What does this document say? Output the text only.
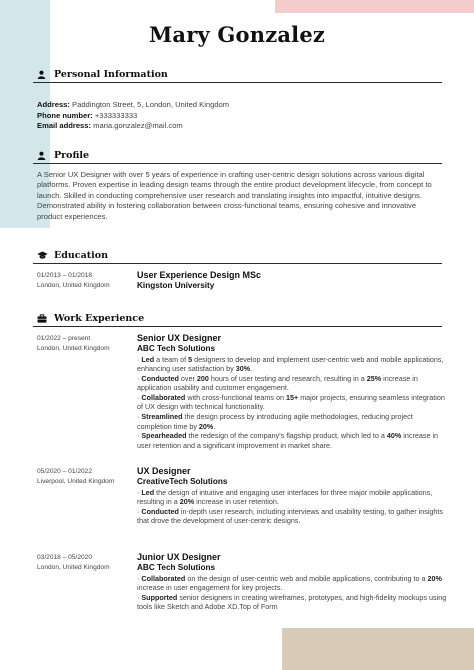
Mary Gonzalez
Personal Information
Address: Paddington Street, 5, London, United Kingdom
Phone number: +333333333
Email address: maria.gonzalez@mail.com
Profile
A Senior UX Designer with over 5 years of experience in crafting user-centric design solutions across various digital platforms. Proven expertise in leading design teams through the entire product development lifecycle, from concept to launch. Skilled in conducting comprehensive user research and translating insights into impactful, intuitive designs. Demonstrated ability in fostering collaboration between cross-functional teams, ensuring cohesive and innovative product experiences.
Education
01/2013 – 01/2018
London, United Kingdom
User Experience Design MSc
Kingston University
Work Experience
01/2022 – present
London, United Kingdom
Senior UX Designer
ABC Tech Solutions
· Led a team of 5 designers to develop and implement user-centric web and mobile applications, enhancing user satisfaction by 30%.
· Conducted over 200 hours of user testing and research, resulting in a 25% increase in application usability and customer engagement.
· Collaborated with cross-functional teams on 15+ major projects, ensuring seamless integration of UX design with technical functionality.
· Streamlined the design process by introducing agile methodologies, reducing project completion time by 20%.
· Spearheaded the redesign of the company's flagship product, which led to a 40% increase in user retention and a significant improvement in market share.
05/2020 – 01/2022
Liverpool, United Kingdom
UX Designer
CreativeTech Solutions
· Led the design of intuitive and engaging user interfaces for three major mobile applications, resulting in a 20% increase in user retention.
· Conducted in-depth user research, including interviews and usability testing, to gather insights that drove the development of user-centric designs.
03/2018 – 05/2020
London, United Kingdom
Junior UX Designer
ABC Tech Solutions
· Collaborated on the design of user-centric web and mobile applications, contributing to a 20% increase in user engagement for key projects.
· Supported senior designers in creating wireframes, prototypes, and high-fidelity mockups using tools like Sketch and Adobe XD.Top of Form
